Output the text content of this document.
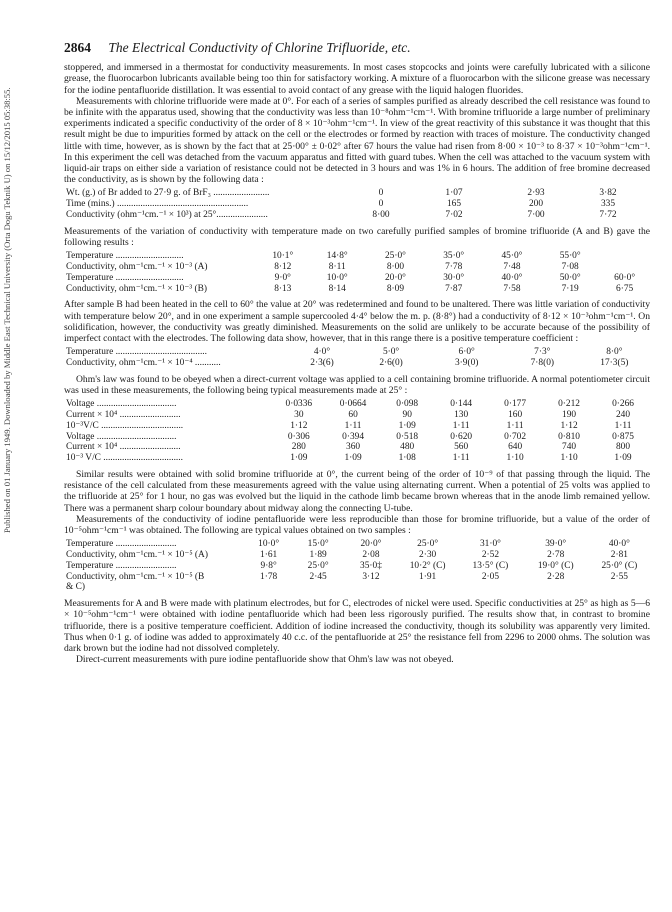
Published on 01 January 1949. Downloaded by Middle East Technical University (Orta Dogu Teknik U) on 15/12/2015 05:38:55.
2864 The Electrical Conductivity of Chlorine Trifluoride, etc.

stoppered, and immersed in a thermostat for conductivity measurements. In most cases stopcocks and joints were carefully lubricated with a silicone grease, the fluorocarbon lubricants available being too thin for satisfactory working. A mixture of a fluorocarbon with the silicone grease was necessary for the iodine pentafluoride distillation. It was essential to avoid contact of any grease with the liquid halogen fluorides.

Measurements with chlorine trifluoride were made at 0°. For each of a series of samples purified as already described the cell resistance was found to be infinite with the apparatus used, showing that the conductivity was less than 10⁻⁸ohm⁻¹cm⁻¹. With bromine trifluoride a large number of preliminary experiments indicated a specific conductivity of the order of 8 × 10⁻³ohm⁻¹cm⁻¹. In view of the great reactivity of this substance it was thought that this result might be due to impurities formed by attack on the cell or the electrodes or formed by reaction with traces of moisture. The conductivity changed little with time, however, as is shown by the fact that at 25·00° ± 0·02° after 67 hours the value had risen from 8·00 × 10⁻³ to 8·37 × 10⁻³ohm⁻¹cm⁻¹. In this experiment the cell was detached from the vacuum apparatus and fitted with guard tubes. When the cell was attached to the vacuum system with liquid-air traps on either side a variation of resistance could not be detected in 3 hours and was 1% in 6 hours. The addition of free bromine decreased the conductivity, as is shown by the following data :

Wt. (g.) of Br added to 27·9 g. of BrF₃ ........................	0	1·07	2·93	3·82
Time (mins.) ........................................................	0	165	200	335
Conductivity (ohm⁻¹cm.⁻¹ × 10³) at 25°......................	8·00	7·02	7·00	7·72

Measurements of the variation of conductivity with temperature made on two carefully purified samples of bromine trifluoride (A and B) gave the following results :

Temperature .............................	10·1°	14·8°	25·0°	35·0°	45·0°	55·0°	
Conductivity, ohm⁻¹cm.⁻¹ × 10⁻³ (A)	8·12	8·11	8·00	7·78	7·48	7·08	
Temperature .............................	9·0°	10·0°	20·0°	30·0°	40·0°	50·0°	60·0°
Conductivity, ohm⁻¹cm.⁻¹ × 10⁻³ (B)	8·13	8·14	8·09	7·87	7·58	7·19	6·75

After sample B had been heated in the cell to 60° the value at 20° was redetermined and found to be unaltered. There was little variation of conductivity with temperature below 20°, and in one experiment a sample supercooled 4·4° below the m. p. (8·8°) had a conductivity of 8·12 × 10⁻³ohm⁻¹cm⁻¹. On solidification, however, the conductivity was greatly diminished. Measurements on the solid are unlikely to be accurate because of the possibility of imperfect contact with the electrodes. The following data show, however, that in this range there is a positive temperature coefficient :

Temperature .......................................	4·0°	5·0°	6·0°	7·3°	8·0°
Conductivity, ohm⁻¹cm.⁻¹ × 10⁻⁴ ...........	2·3(6)	2·6(0)	3·9(0)	7·8(0)	17·3(5)

Ohm's law was found to be obeyed when a direct-current voltage was applied to a cell containing bromine trifluoride. A normal potentiometer circuit was used in these measurements, the following being typical measurements made at 25° :

Voltage ..................................	0·0336	0·0664	0·098	0·144	0·177	0·212	0·266
Current × 10⁴ ..........................	30	60	90	130	160	190	240
10⁻³V/C ...................................	1·12	1·11	1·09	1·11	1·11	1·12	1·11
Voltage ..................................	0·306	0·394	0·518	0·620	0·702	0·810	0·875
Current × 10⁴ ..........................	280	360	480	560	640	740	800
10⁻³ V/C ..................................	1·09	1·09	1·08	1·11	1·10	1·10	1·09

Similar results were obtained with solid bromine trifluoride at 0°, the current being of the order of 10⁻⁹ of that passing through the liquid. The resistance of the cell calculated from these measurements agreed with the value using alternating current. When a potential of 25 volts was applied to the trifluoride at 25° for 1 hour, no gas was evolved but the liquid in the cathode limb became brown whereas that in the anode limb remained yellow. There was a permanent sharp colour boundary about midway along the connecting U-tube.

Measurements of the conductivity of iodine pentafluoride were less reproducible than those for bromine trifluoride, but a value of the order of 10⁻⁵ohm⁻¹cm⁻¹ was obtained. The following are typical values obtained on two samples :

Temperature ..........................	10·0°	15·0°	20·0°	25·0°	31·0°	39·0°	40·0°
Conductivity, ohm⁻¹cm.⁻¹ × 10⁻⁵ (A)	1·61	1·89	2·08	2·30	2·52	2·78	2·81
Temperature ..........................	9·8°	25·0°	35·0‡	10·2° (C)	13·5° (C)	19·0° (C)	25·0° (C)
Conductivity, ohm⁻¹cm.⁻¹ × 10⁻⁵ (B	1·78	2·45	3·12	1·91	2·05	2·28	2·55
& C)							

Measurements for A and B were made with platinum electrodes, but for C, electrodes of nickel were used. Specific conductivities at 25° as high as 5—6 × 10⁻⁵ohm⁻¹cm⁻¹ were obtained with iodine pentafluoride which had been less rigorously purified. The results show that, in contrast to bromine trifluoride, there is a positive temperature coefficient. Addition of iodine increased the conductivity, though its solubility was apparently very limited. Thus when 0·1 g. of iodine was added to approximately 40 c.c. of the pentafluoride at 25° the resistance fell from 2296 to 2000 ohms. The solution was dark brown but the iodine had not dissolved completely.

Direct-current measurements with pure iodine pentafluoride show that Ohm's law was not obeyed.
